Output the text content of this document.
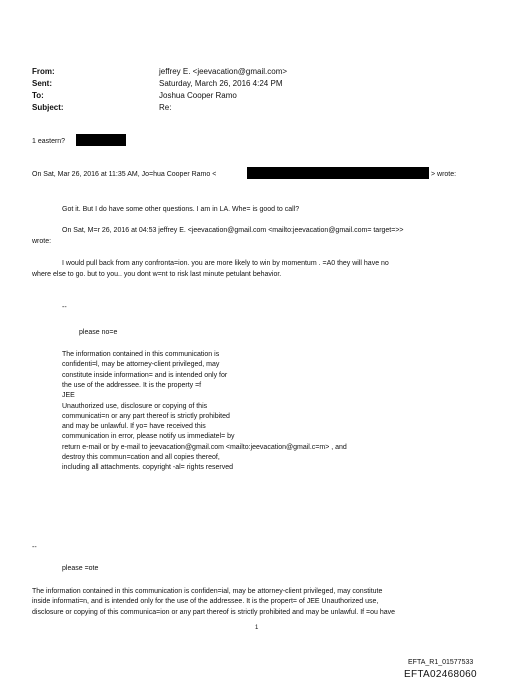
From:	jeffrey E. <jeevacation@gmail.com>
Sent:	Saturday, March 26, 2016 4:24 PM
To:	Joshua Cooper Ramo
Subject:	Re:
1 eastern?
On Sat, Mar 26, 2016 at 11:35 AM, Jo=hua Cooper Ramo <	> wrote:
Got it. But I do have some other questions. I am in LA. Whe= is good to call?
On Sat, M=r 26, 2016 at 04:53 jeffrey E. <jeevacation@gmail.com <mailto:jeevacation@gmail.com= target=>>
wrote:
I would pull back from any confronta=ion. you are more likely to win by momentum . =A0 they will have no
where else to go. but to you.. you dont w=nt to risk last minute petulant behavior.
--
please no=e
The information contained in this communication is
confidenti=l, may be attorney-client privileged, may
constitute inside information= and is intended only for
the use of the addressee. It is the property =f
JEE
Unauthorized use, disclosure or copying of this
communicati=n or any part thereof is strictly prohibited
and may be unlawful. If yo= have received this
communication in error, please notify us immediatel= by
return e-mail or by e-mail to jeevacation@gmail.com <mailto:jeevacation@gmail.c=m> , and
destroy this commun=cation and all copies thereof,
including all attachments. copyright -al= rights reserved
--
please =ote
The information contained in this communication is confiden=ial, may be attorney-client privileged, may constitute
inside informati=n, and is intended only for the use of the addressee. It is the propert= of JEE Unauthorized use,
disclosure or copying of this communica=ion or any part thereof is strictly prohibited and may be unlawful. If =ou have
1
EFTA_R1_01577533
EFTA02468060
